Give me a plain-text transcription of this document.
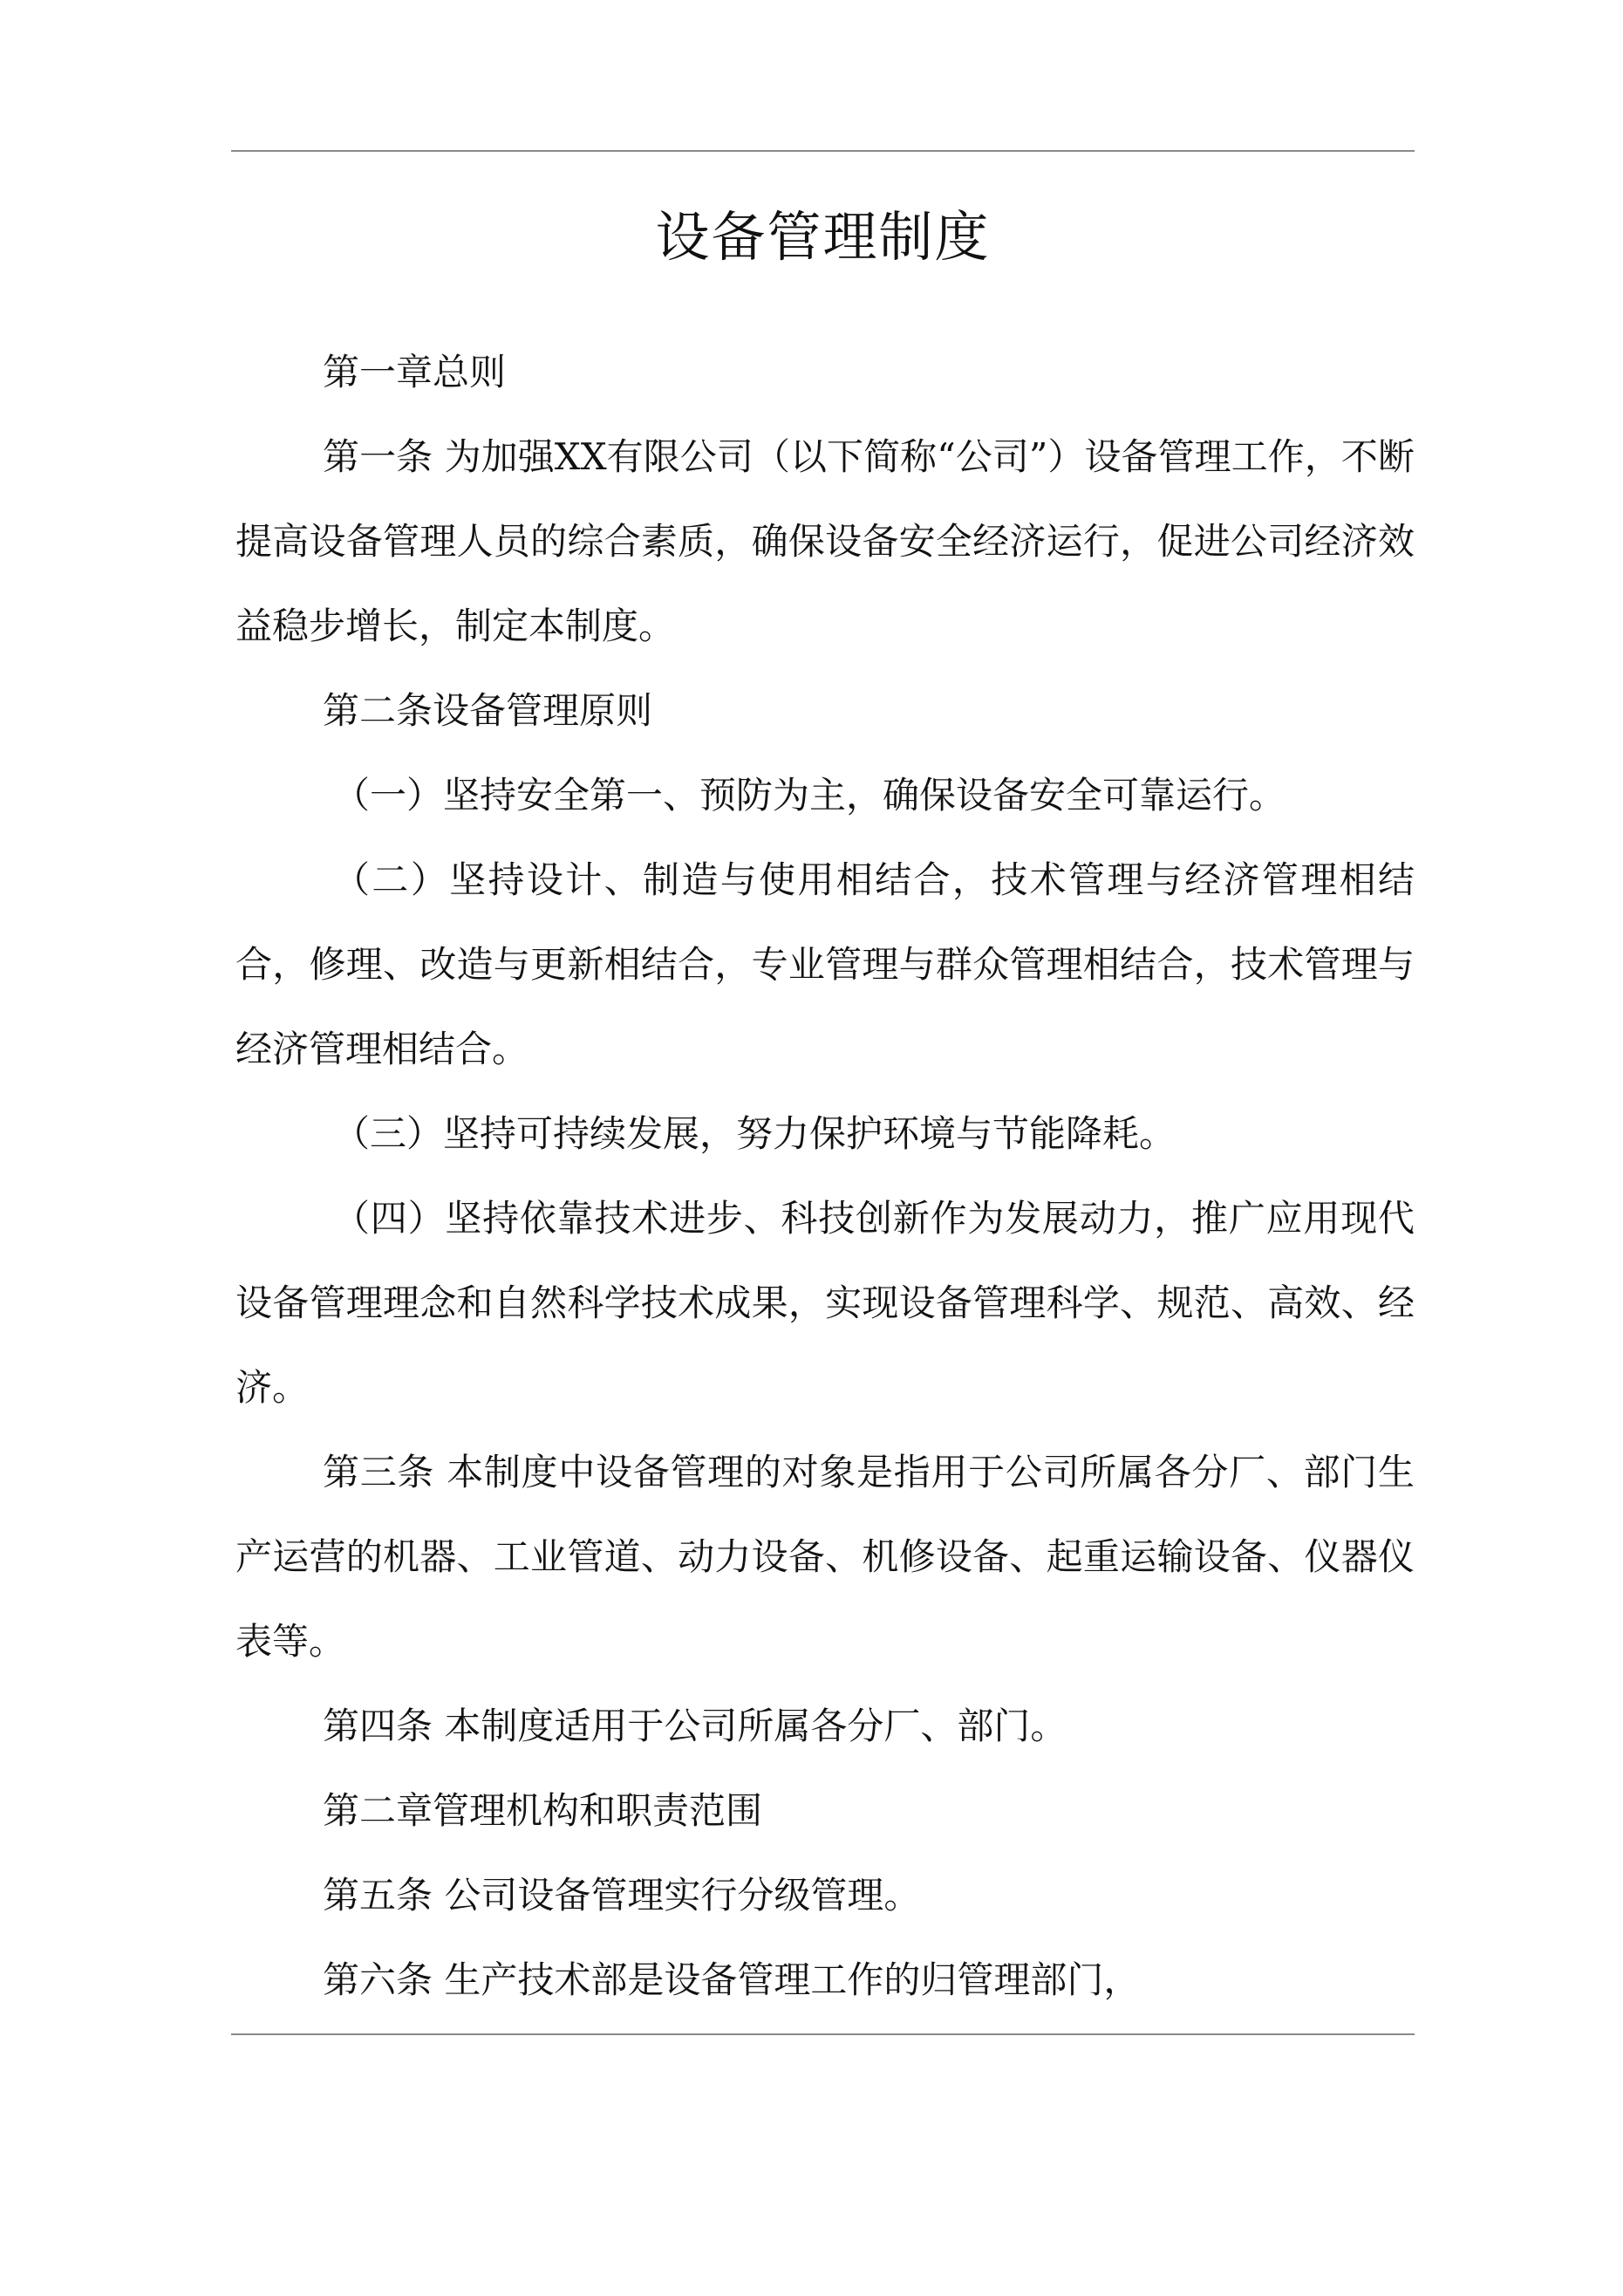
设备管理制度

第一章总则

第一条 为加强XX有限公司（以下简称“公司”）设备管理工作，不断提高设备管理人员的综合素质，确保设备安全经济运行，促进公司经济效益稳步增长，制定本制度。

第二条设备管理原则

（一）坚持安全第一、预防为主，确保设备安全可靠运行。

（二）坚持设计、制造与使用相结合，技术管理与经济管理相结合，修理、改造与更新相结合，专业管理与群众管理相结合，技术管理与经济管理相结合。

（三）坚持可持续发展，努力保护环境与节能降耗。

（四）坚持依靠技术进步、科技创新作为发展动力，推广应用现代设备管理理念和自然科学技术成果，实现设备管理科学、规范、高效、经济。

第三条 本制度中设备管理的对象是指用于公司所属各分厂、部门生产运营的机器、工业管道、动力设备、机修设备、起重运输设备、仪器仪表等。

第四条 本制度适用于公司所属各分厂、部门。

第二章管理机构和职责范围

第五条 公司设备管理实行分级管理。

第六条 生产技术部是设备管理工作的归管理部门，
